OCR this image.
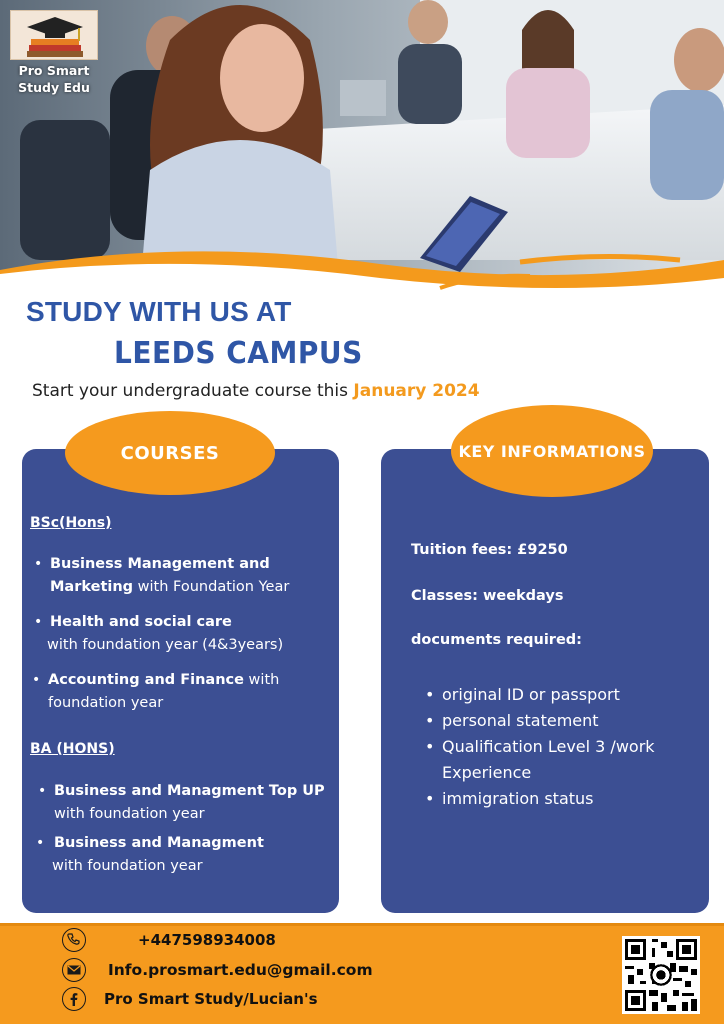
Pro Smart
Study Edu
STUDY WITH US AT
LEEDS CAMPUS
Start your undergraduate course this January 2024
COURSES
BSc(Hons)
• Business Management and Marketing with Foundation Year
• Health and social care
with foundation year (4&3years)
• Accounting and Finance with foundation year
BA (HONS)
• Business and Managment Top UP
with foundation year
• Business and Managment
with foundation year
KEY INFORMATIONS
Tuition fees: £9250
Classes: weekdays
documents required:
• original ID or passport
• personal statement
• Qualification Level 3 /work Experience
• immigration status
+447598934008
Info.prosmart.edu@gmail.com
Pro Smart Study/Lucian's
